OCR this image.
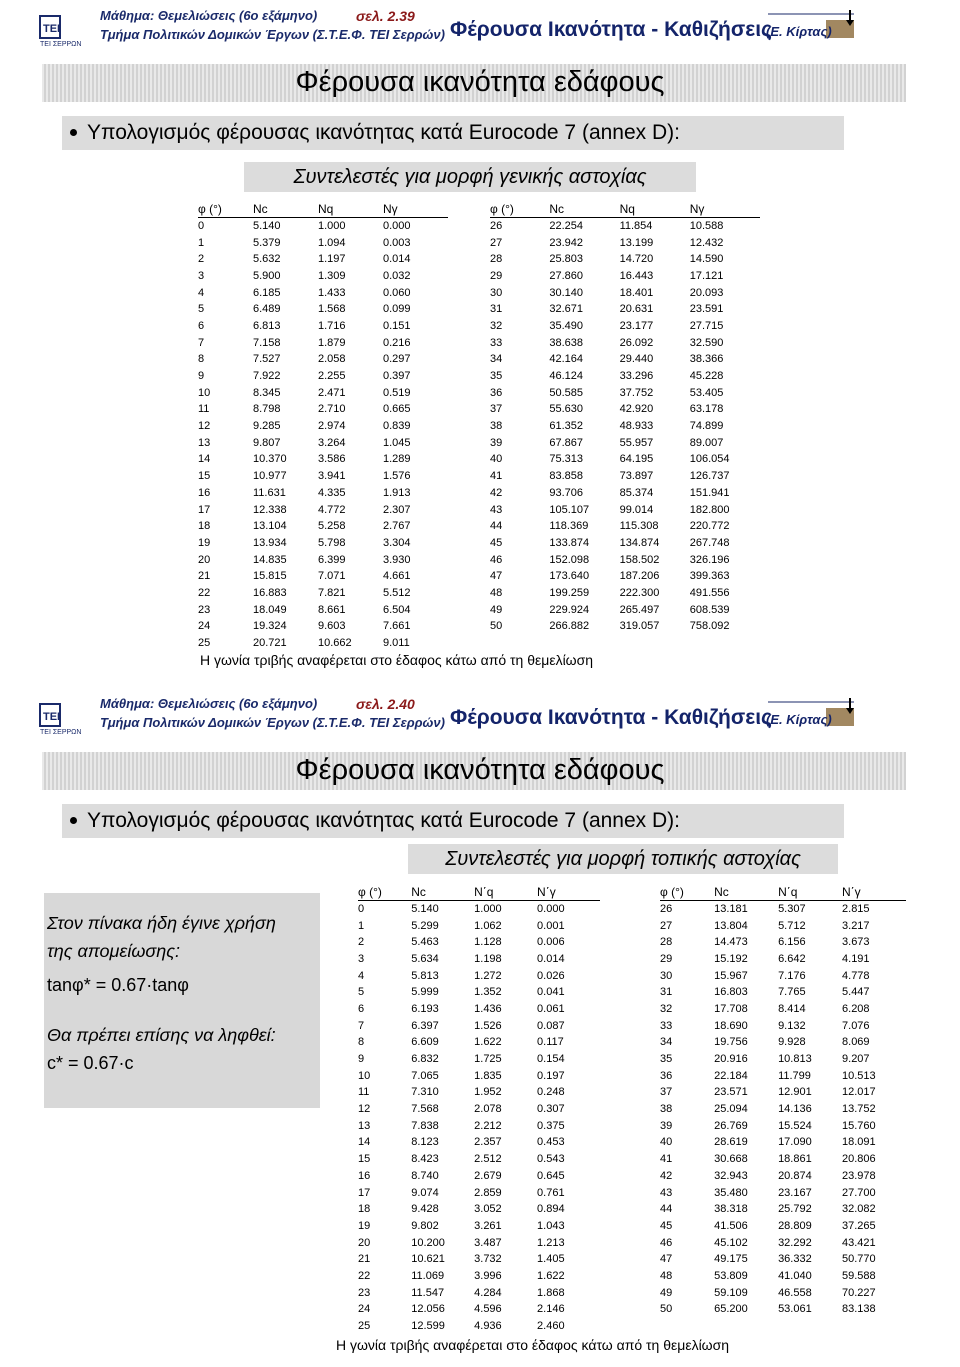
TEI
ΤΕΙ ΣΕΡΡΩΝ
Μάθημα: Θεμελιώσεις (6ο εξάμηνο)	σελ. 2.39
Τμήμα Πολιτικών Δομικών Έργων (Σ.Τ.Ε.Φ. ΤΕΙ Σερρών) Φέρουσα Ικανότητα - Καθιζήσεις
(Ε. Κίρτας)
Φέρουσα ικανότητα εδάφους
Υπολογισμός φέρουσας ικανότητας κατά Eurocode 7 (annex D):
Συντελεστές για μορφή γενικής αστοχίας
φ (°)	Nc	Nq	Nγ
0	5.140	1.000	0.000
1	5.379	1.094	0.003
2	5.632	1.197	0.014
3	5.900	1.309	0.032
4	6.185	1.433	0.060
5	6.489	1.568	0.099
6	6.813	1.716	0.151
7	7.158	1.879	0.216
8	7.527	2.058	0.297
9	7.922	2.255	0.397
10	8.345	2.471	0.519
11	8.798	2.710	0.665
12	9.285	2.974	0.839
13	9.807	3.264	1.045
14	10.370	3.586	1.289
15	10.977	3.941	1.576
16	11.631	4.335	1.913
17	12.338	4.772	2.307
18	13.104	5.258	2.767
19	13.934	5.798	3.304
20	14.835	6.399	3.930
21	15.815	7.071	4.661
22	16.883	7.821	5.512
23	18.049	8.661	6.504
24	19.324	9.603	7.661
25	20.721	10.662	9.011
φ (°)	Nc	Nq	Nγ
26	22.254	11.854	10.588
27	23.942	13.199	12.432
28	25.803	14.720	14.590
29	27.860	16.443	17.121
30	30.140	18.401	20.093
31	32.671	20.631	23.591
32	35.490	23.177	27.715
33	38.638	26.092	32.590
34	42.164	29.440	38.366
35	46.124	33.296	45.228
36	50.585	37.752	53.405
37	55.630	42.920	63.178
38	61.352	48.933	74.899
39	67.867	55.957	89.007
40	75.313	64.195	106.054
41	83.858	73.897	126.737
42	93.706	85.374	151.941
43	105.107	99.014	182.800
44	118.369	115.308	220.772
45	133.874	134.874	267.748
46	152.098	158.502	326.196
47	173.640	187.206	399.363
48	199.259	222.300	491.556
49	229.924	265.497	608.539
50	266.882	319.057	758.092
Η γωνία τριβής αναφέρεται στο έδαφος κάτω από τη θεμελίωση
TEI
ΤΕΙ ΣΕΡΡΩΝ
Μάθημα: Θεμελιώσεις (6ο εξάμηνο)	σελ. 2.40
Τμήμα Πολιτικών Δομικών Έργων (Σ.Τ.Ε.Φ. ΤΕΙ Σερρών) Φέρουσα Ικανότητα - Καθιζήσεις
(Ε. Κίρτας)
Φέρουσα ικανότητα εδάφους
Υπολογισμός φέρουσας ικανότητας κατά Eurocode 7 (annex D):
Συντελεστές για μορφή τοπικής αστοχίας

Στον πίνακα ήδη έγινε χρήση

της απομείωσης:

tanφ* = 0.67·tanφ

Θα πρέπει επίσης να ληφθεί:

c* = 0.67·c

φ (°)	Nc	N΄q	N΄γ
0	5.140	1.000	0.000
1	5.299	1.062	0.001
2	5.463	1.128	0.006
3	5.634	1.198	0.014
4	5.813	1.272	0.026
5	5.999	1.352	0.041
6	6.193	1.436	0.061
7	6.397	1.526	0.087
8	6.609	1.622	0.117
9	6.832	1.725	0.154
10	7.065	1.835	0.197
11	7.310	1.952	0.248
12	7.568	2.078	0.307
13	7.838	2.212	0.375
14	8.123	2.357	0.453
15	8.423	2.512	0.543
16	8.740	2.679	0.645
17	9.074	2.859	0.761
18	9.428	3.052	0.894
19	9.802	3.261	1.043
20	10.200	3.487	1.213
21	10.621	3.732	1.405
22	11.069	3.996	1.622
23	11.547	4.284	1.868
24	12.056	4.596	2.146
25	12.599	4.936	2.460
φ (°)	Nc	N΄q	N΄γ
26	13.181	5.307	2.815
27	13.804	5.712	3.217
28	14.473	6.156	3.673
29	15.192	6.642	4.191
30	15.967	7.176	4.778
31	16.803	7.765	5.447
32	17.708	8.414	6.208
33	18.690	9.132	7.076
34	19.756	9.928	8.069
35	20.916	10.813	9.207
36	22.184	11.799	10.513
37	23.571	12.901	12.017
38	25.094	14.136	13.752
39	26.769	15.524	15.760
40	28.619	17.090	18.091
41	30.668	18.861	20.806
42	32.943	20.874	23.978
43	35.480	23.167	27.700
44	38.318	25.792	32.082
45	41.506	28.809	37.265
46	45.102	32.292	43.421
47	49.175	36.332	50.770
48	53.809	41.040	59.588
49	59.109	46.558	70.227
50	65.200	53.061	83.138
Η γωνία τριβής αναφέρεται στο έδαφος κάτω από τη θεμελίωση
